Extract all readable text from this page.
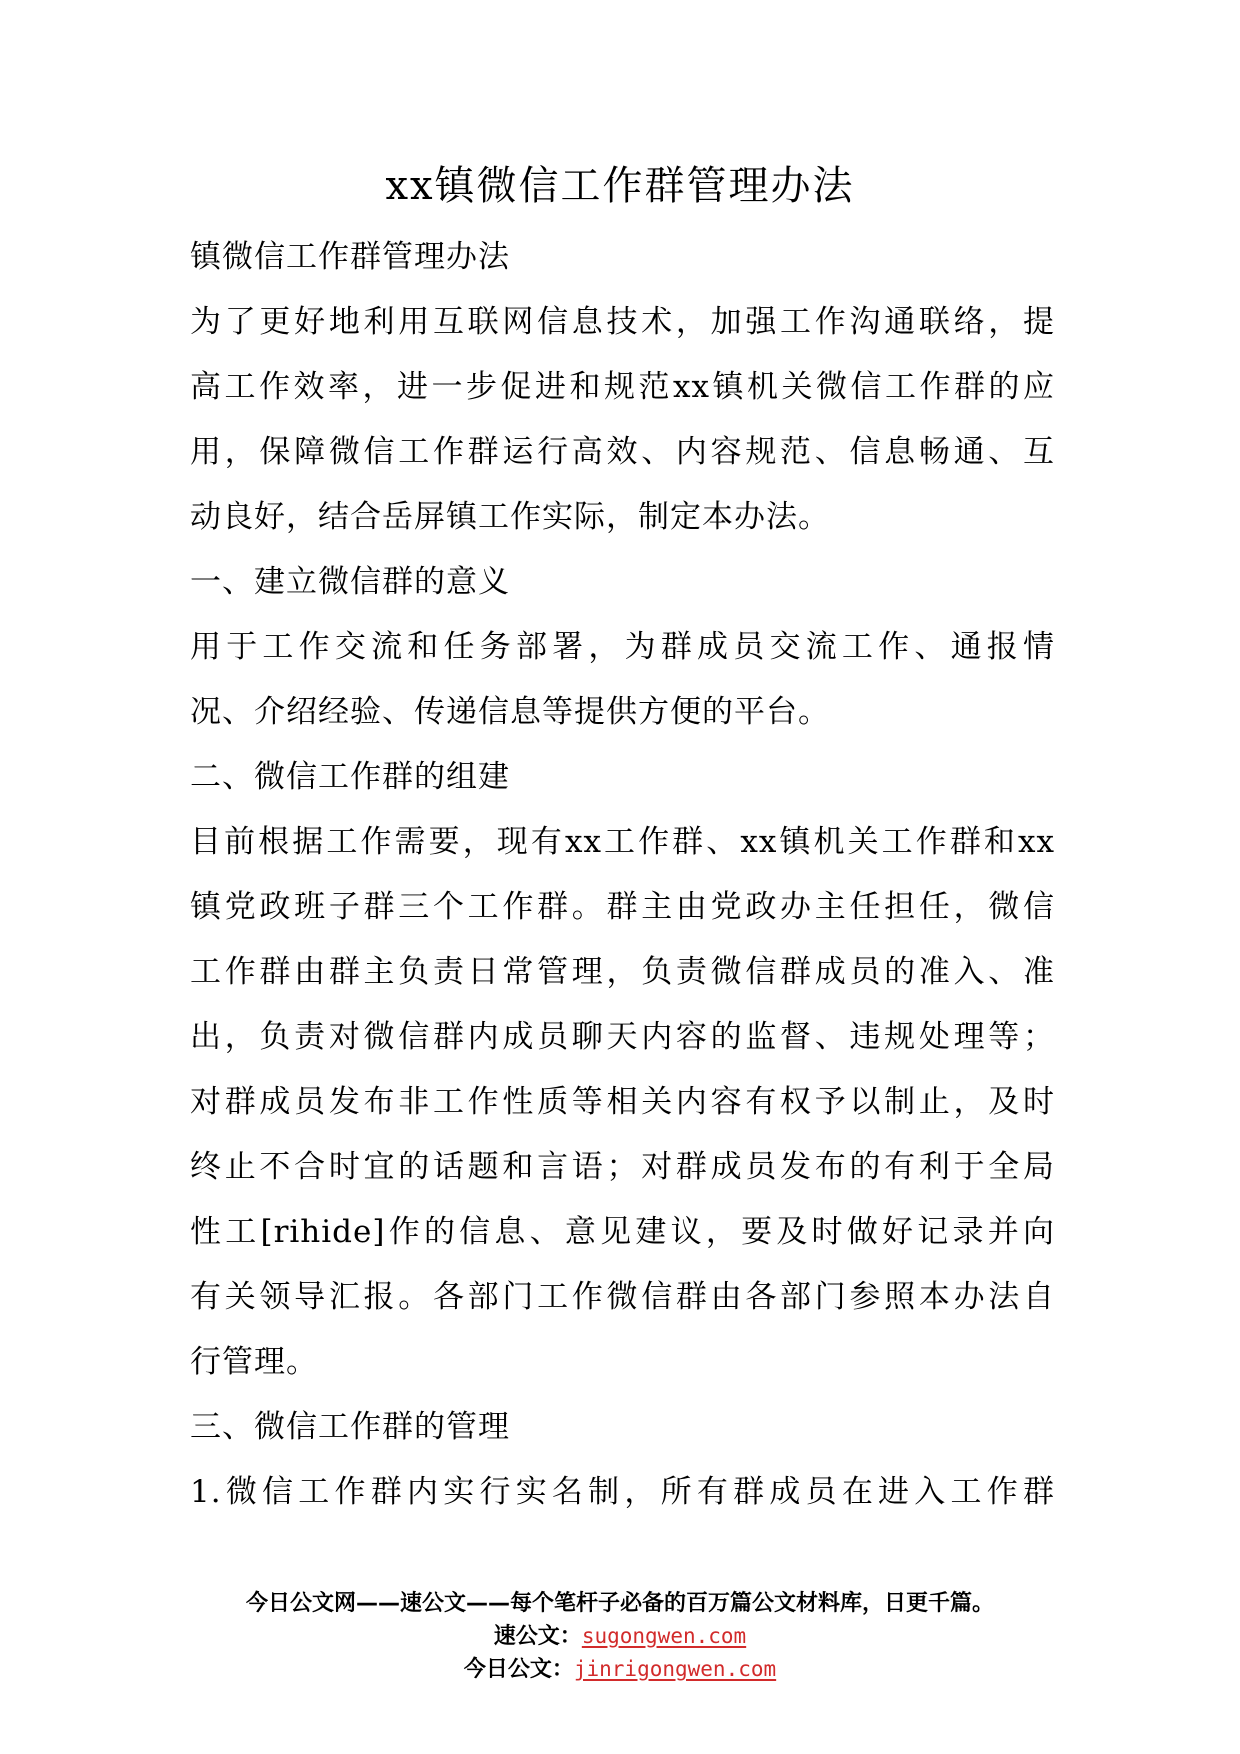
xx镇微信工作群管理办法
镇微信工作群管理办法
为了更好地利用互联网信息技术，加强工作沟通联络，提
高工作效率，进一步促进和规范xx镇机关微信工作群的应
用，保障微信工作群运行高效、内容规范、信息畅通、互
动良好，结合岳屏镇工作实际，制定本办法。
一、建立微信群的意义
用于工作交流和任务部署，为群成员交流工作、通报情
况、介绍经验、传递信息等提供方便的平台。
二、微信工作群的组建
目前根据工作需要，现有xx工作群、xx镇机关工作群和xx
镇党政班子群三个工作群。群主由党政办主任担任，微信
工作群由群主负责日常管理，负责微信群成员的准入、准
出，负责对微信群内成员聊天内容的监督、违规处理等；
对群成员发布非工作性质等相关内容有权予以制止，及时
终止不合时宜的话题和言语；对群成员发布的有利于全局
性工[rihide]作的信息、意见建议，要及时做好记录并向
有关领导汇报。各部门工作微信群由各部门参照本办法自
行管理。
三、微信工作群的管理
1.微信工作群内实行实名制，所有群成员在进入工作群
今日公文网——速公文——每个笔杆子必备的百万篇公文材料库，日更千篇。
速公文：sugongwen.com
今日公文：jinrigongwen.com
